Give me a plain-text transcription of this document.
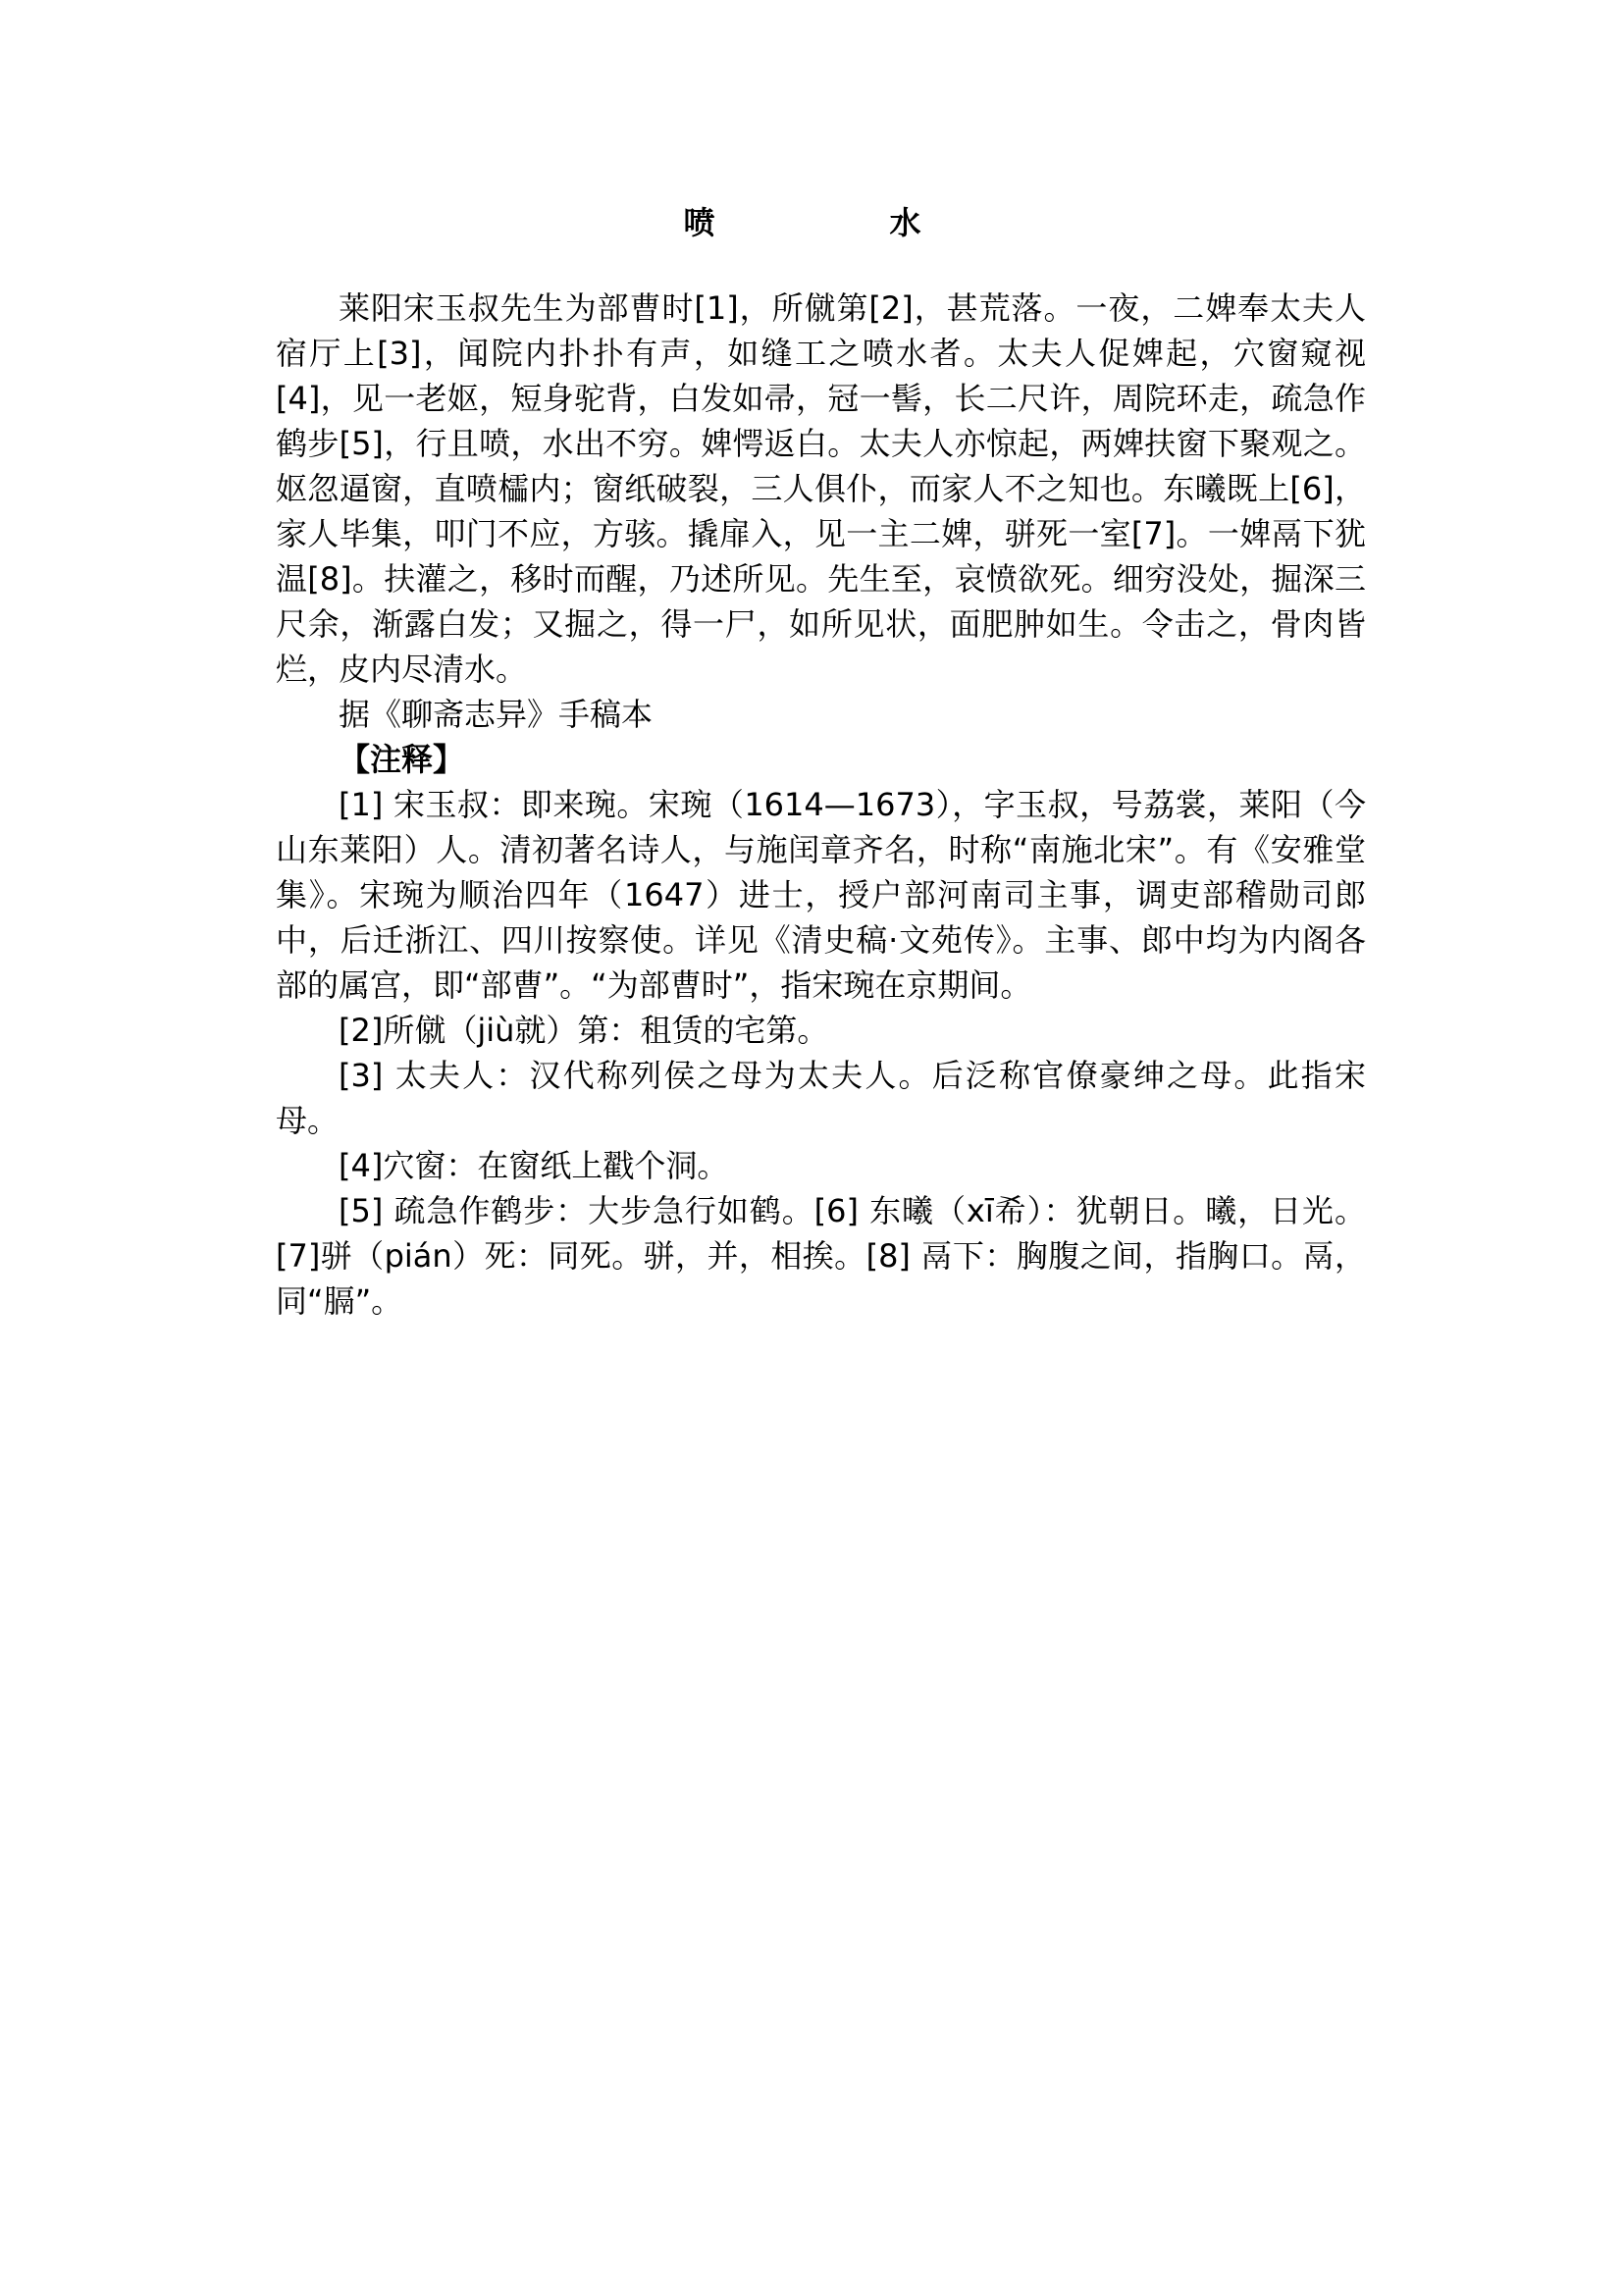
喷　　水

莱阳宋玉叔先生为部曹时[1]，所僦第[2]，甚荒落。一夜，二婢奉太夫人宿厅上[3]，闻院内扑扑有声，如缝工之喷水者。太夫人促婢起，穴窗窥视[4]，见一老妪，短身驼背，白发如帚，冠一髻，长二尺许，周院环走，疏急作鹤步[5]，行且喷，水出不穷。婢愕返白。太夫人亦惊起，两婢扶窗下聚观之。妪忽逼窗，直喷櫺内；窗纸破裂，三人俱仆，而家人不之知也。东曦既上[6]，家人毕集，叩门不应，方骇。撬扉入，见一主二婢，骈死一室[7]。一婢鬲下犹温[8]。扶灌之，移时而醒，乃述所见。先生至，哀愤欲死。细穷没处，掘深三尺余，渐露白发；又掘之，得一尸，如所见状，面肥肿如生。令击之，骨肉皆烂，皮内尽清水。

据《聊斋志异》手稿本

【注释】

[1] 宋玉叔：即来琬。宋琬（1614—1673），字玉叔，号荔裳，莱阳（今山东莱阳）人。清初著名诗人，与施闰章齐名，时称“南施北宋”。有《安雅堂集》。宋琬为顺治四年（1647）进士，授户部河南司主事，调吏部稽勋司郎中，后迁浙江、四川按察使。详见《清史稿·文苑传》。主事、郎中均为内阁各部的属宫，即“部曹”。“为部曹时”，指宋琬在京期间。

[2]所僦（jiù就）第：租赁的宅第。

[3] 太夫人：汉代称列侯之母为太夫人。后泛称官僚豪绅之母。此指宋母。

[4]穴窗：在窗纸上戳个洞。

[5] 疏急作鹤步：大步急行如鹤。[6] 东曦（xī希）：犹朝日。曦，日光。[7]骈（pián）死：同死。骈，并，相挨。[8] 鬲下：胸腹之间，指胸口。鬲，同“膈”。
